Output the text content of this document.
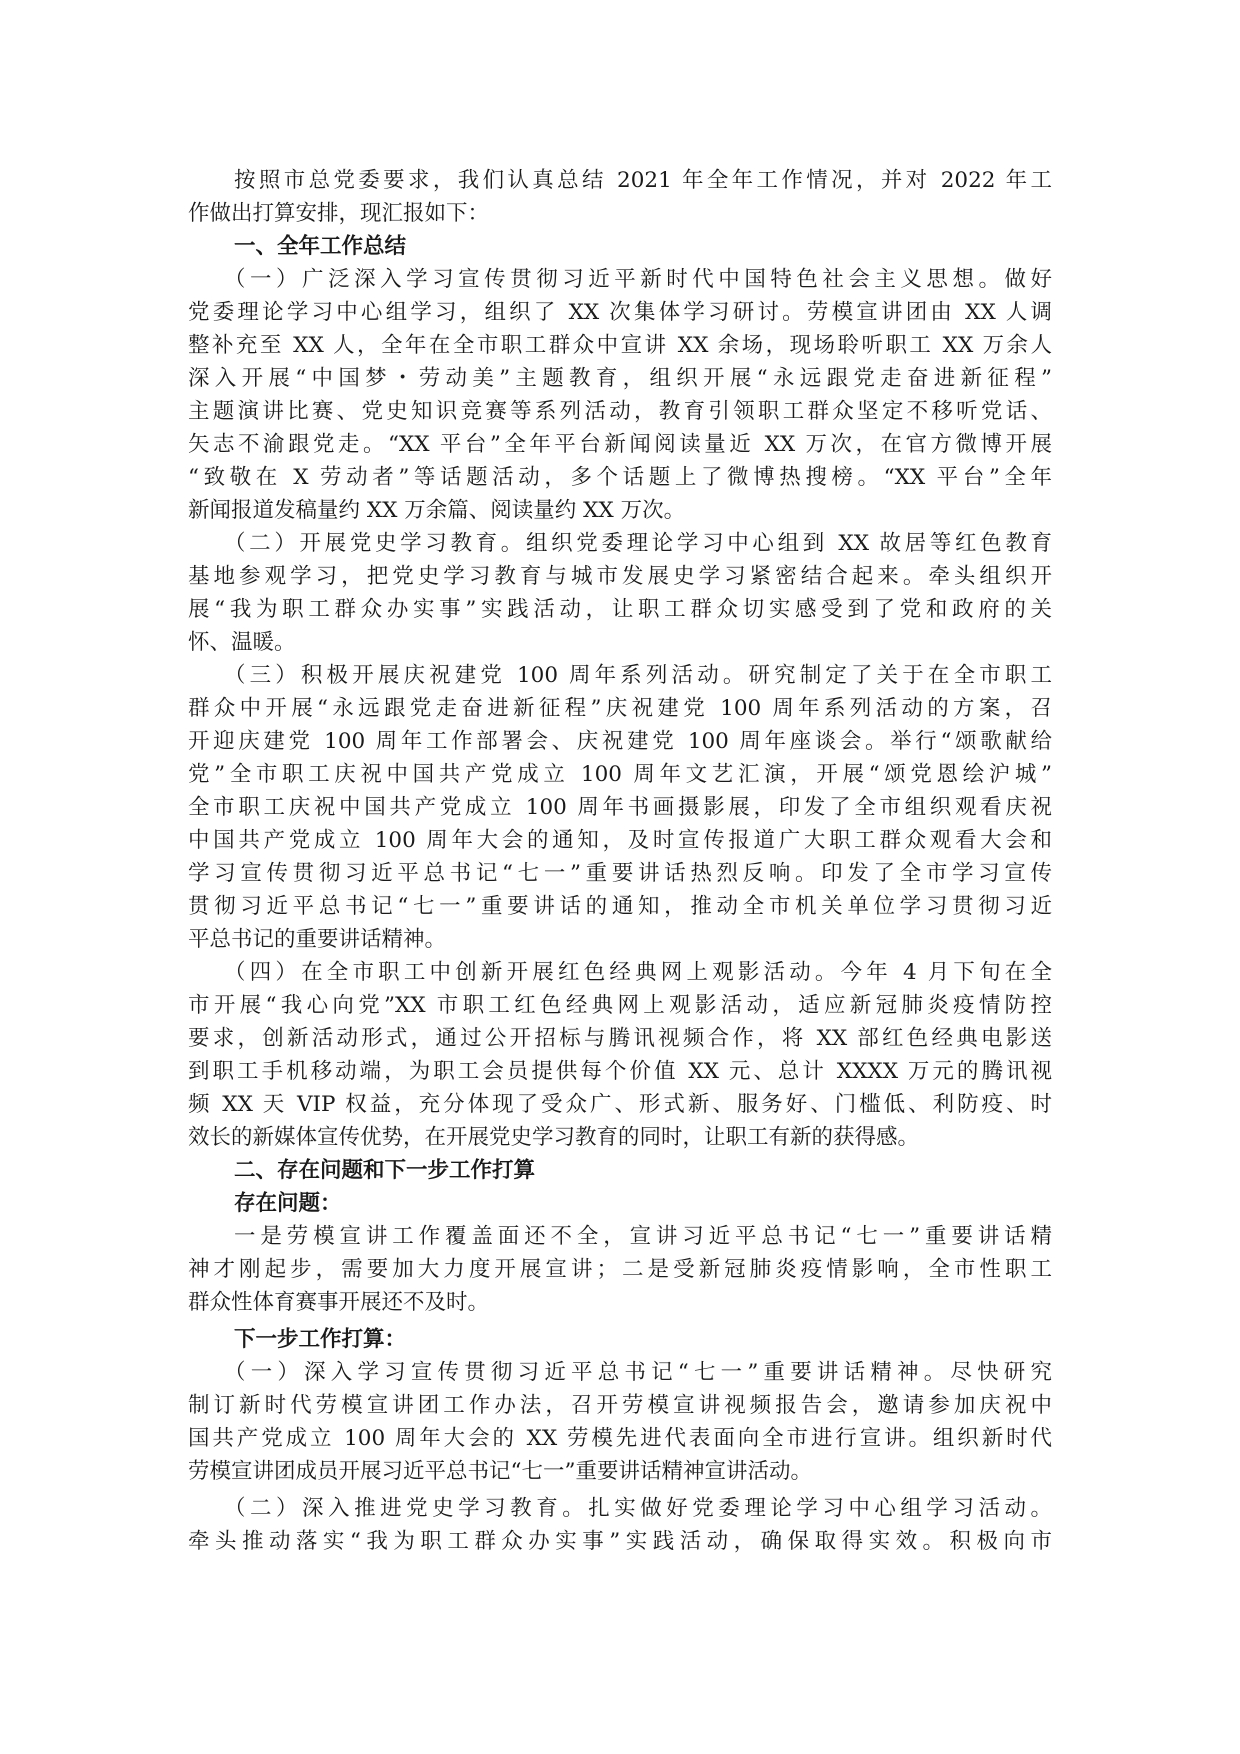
按照市总党委要求，我们认真总结 2021 年全年工作情况，并对 2022 年工
作做出打算安排，现汇报如下：
一、全年工作总结
（一）广泛深入学习宣传贯彻习近平新时代中国特色社会主义思想。做好
党委理论学习中心组学习，组织了 XX 次集体学习研讨。劳模宣讲团由 XX 人调
整补充至 XX 人，全年在全市职工群众中宣讲 XX 余场，现场聆听职工 XX 万余人
深入开展“中国梦・劳动美”主题教育，组织开展“永远跟党走奋进新征程”
主题演讲比赛、党史知识竞赛等系列活动，教育引领职工群众坚定不移听党话、
矢志不渝跟党走。“XX 平台”全年平台新闻阅读量近 XX 万次，在官方微博开展
“致敬在 X 劳动者”等话题活动，多个话题上了微博热搜榜。“XX 平台”全年
新闻报道发稿量约 XX 万余篇、阅读量约 XX 万次。
（二）开展党史学习教育。组织党委理论学习中心组到 XX 故居等红色教育
基地参观学习，把党史学习教育与城市发展史学习紧密结合起来。牵头组织开
展“我为职工群众办实事”实践活动，让职工群众切实感受到了党和政府的关
怀、温暖。
（三）积极开展庆祝建党 100 周年系列活动。研究制定了关于在全市职工
群众中开展“永远跟党走奋进新征程”庆祝建党 100 周年系列活动的方案，召
开迎庆建党 100 周年工作部署会、庆祝建党 100 周年座谈会。举行“颂歌献给
党”全市职工庆祝中国共产党成立 100 周年文艺汇演，开展“颂党恩绘沪城”
全市职工庆祝中国共产党成立 100 周年书画摄影展，印发了全市组织观看庆祝
中国共产党成立 100 周年大会的通知，及时宣传报道广大职工群众观看大会和
学习宣传贯彻习近平总书记“七一”重要讲话热烈反响。印发了全市学习宣传
贯彻习近平总书记“七一”重要讲话的通知，推动全市机关单位学习贯彻习近
平总书记的重要讲话精神。
（四）在全市职工中创新开展红色经典网上观影活动。今年 4 月下旬在全
市开展“我心向党”XX 市职工红色经典网上观影活动，适应新冠肺炎疫情防控
要求，创新活动形式，通过公开招标与腾讯视频合作，将 XX 部红色经典电影送
到职工手机移动端，为职工会员提供每个价值 XX 元、总计 XXXX 万元的腾讯视
频 XX 天 VIP 权益，充分体现了受众广、形式新、服务好、门槛低、利防疫、时
效长的新媒体宣传优势，在开展党史学习教育的同时，让职工有新的获得感。
二、存在问题和下一步工作打算
存在问题：
一是劳模宣讲工作覆盖面还不全，宣讲习近平总书记“七一”重要讲话精
神才刚起步，需要加大力度开展宣讲；二是受新冠肺炎疫情影响，全市性职工
群众性体育赛事开展还不及时。
下一步工作打算：
（一）深入学习宣传贯彻习近平总书记“七一”重要讲话精神。尽快研究
制订新时代劳模宣讲团工作办法，召开劳模宣讲视频报告会，邀请参加庆祝中
国共产党成立 100 周年大会的 XX 劳模先进代表面向全市进行宣讲。组织新时代
劳模宣讲团成员开展习近平总书记“七一”重要讲话精神宣讲活动。
（二）深入推进党史学习教育。扎实做好党委理论学习中心组学习活动。
牵头推动落实“我为职工群众办实事”实践活动，确保取得实效。积极向市
